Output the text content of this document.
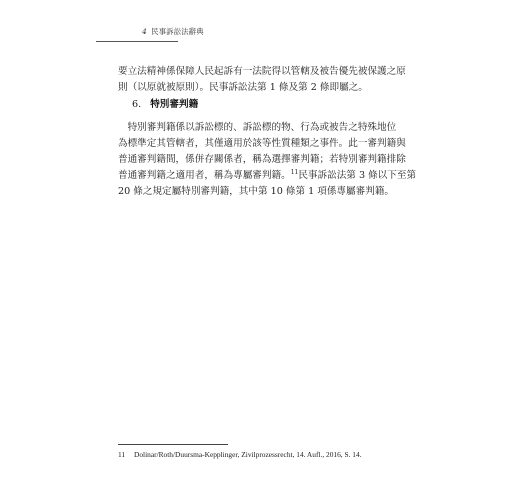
4 民事訴訟法辭典
要立法精神係保障人民起訴有一法院得以管轄及被告優先被保護之原
則（以原就被原則）。民事訴訟法第 1 條及第 2 條即屬之。
6. 特別審判籍
　特別審判籍係以訴訟標的、訴訟標的物、行為或被告之特殊地位
為標準定其管轄者，其僅適用於該等性質種類之事件。此一審判籍與
普通審判籍間，係併存關係者，稱為選擇審判籍；若特別審判籍排除
普通審判籍之適用者，稱為專屬審判籍。$^{11}$民事訴訟法第 3 條以下至第
20 條之規定屬特別審判籍，其中第 10 條第 1 項係專屬審判籍。
11 Dolinar/Roth/Duursma-Kepplinger, Zivilprozessrecht, 14. Aufl., 2016, S. 14.
